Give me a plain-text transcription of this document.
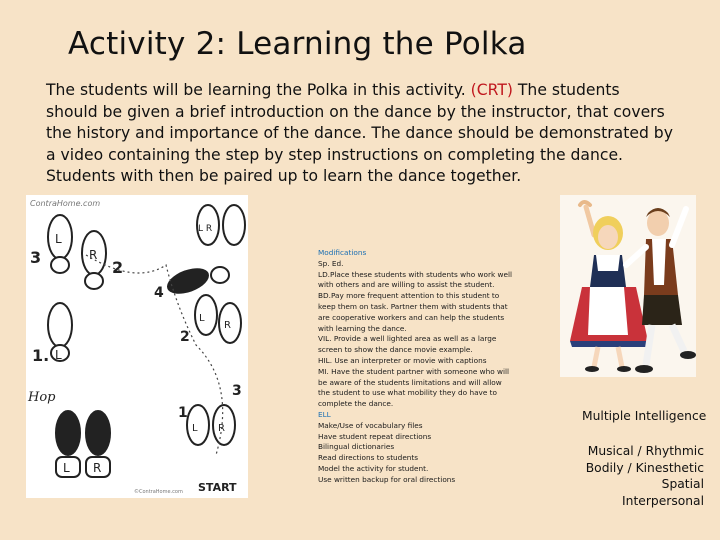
Activity 2: Learning the Polka

The students will be learning the Polka in this activity. (CRT) The students should be given a brief introduction on the dance by the instructor, that covers the history and importance of the dance. The dance should be demonstrated by a video containing the step by step instructions on completing the dance. Students with then be paired up to learn the dance together.

ContraHome.com
L
R
3
2
L
1.
Hop
L R
L R
4
L
R
2
1
3
L R
START
©ContraHome.com
Modifications
Sp. Ed.
LD.Place these students with students who work well with others and are willing to assist the student.
BD.Pay more frequent attention to this student to keep them on task. Partner them with students that are cooperative workers and can help the students with learning the dance.
VIL. Provide a well lighted area as well as a large screen to show the dance movie example.
HIL. Use an interpreter or movie with captions
MI. Have the student partner with someone who will be aware of the students limitations and will allow the student to use what mobility they do have to complete the dance.
ELL
Make/Use of vocabulary files
Have student repeat directions
Bilingual dictionaries
Read directions to students
Model the activity for student.
Use written backup for oral directions
Multiple Intelligence
Musical / Rhythmic
Bodily / Kinesthetic
Spatial
Interpersonal
